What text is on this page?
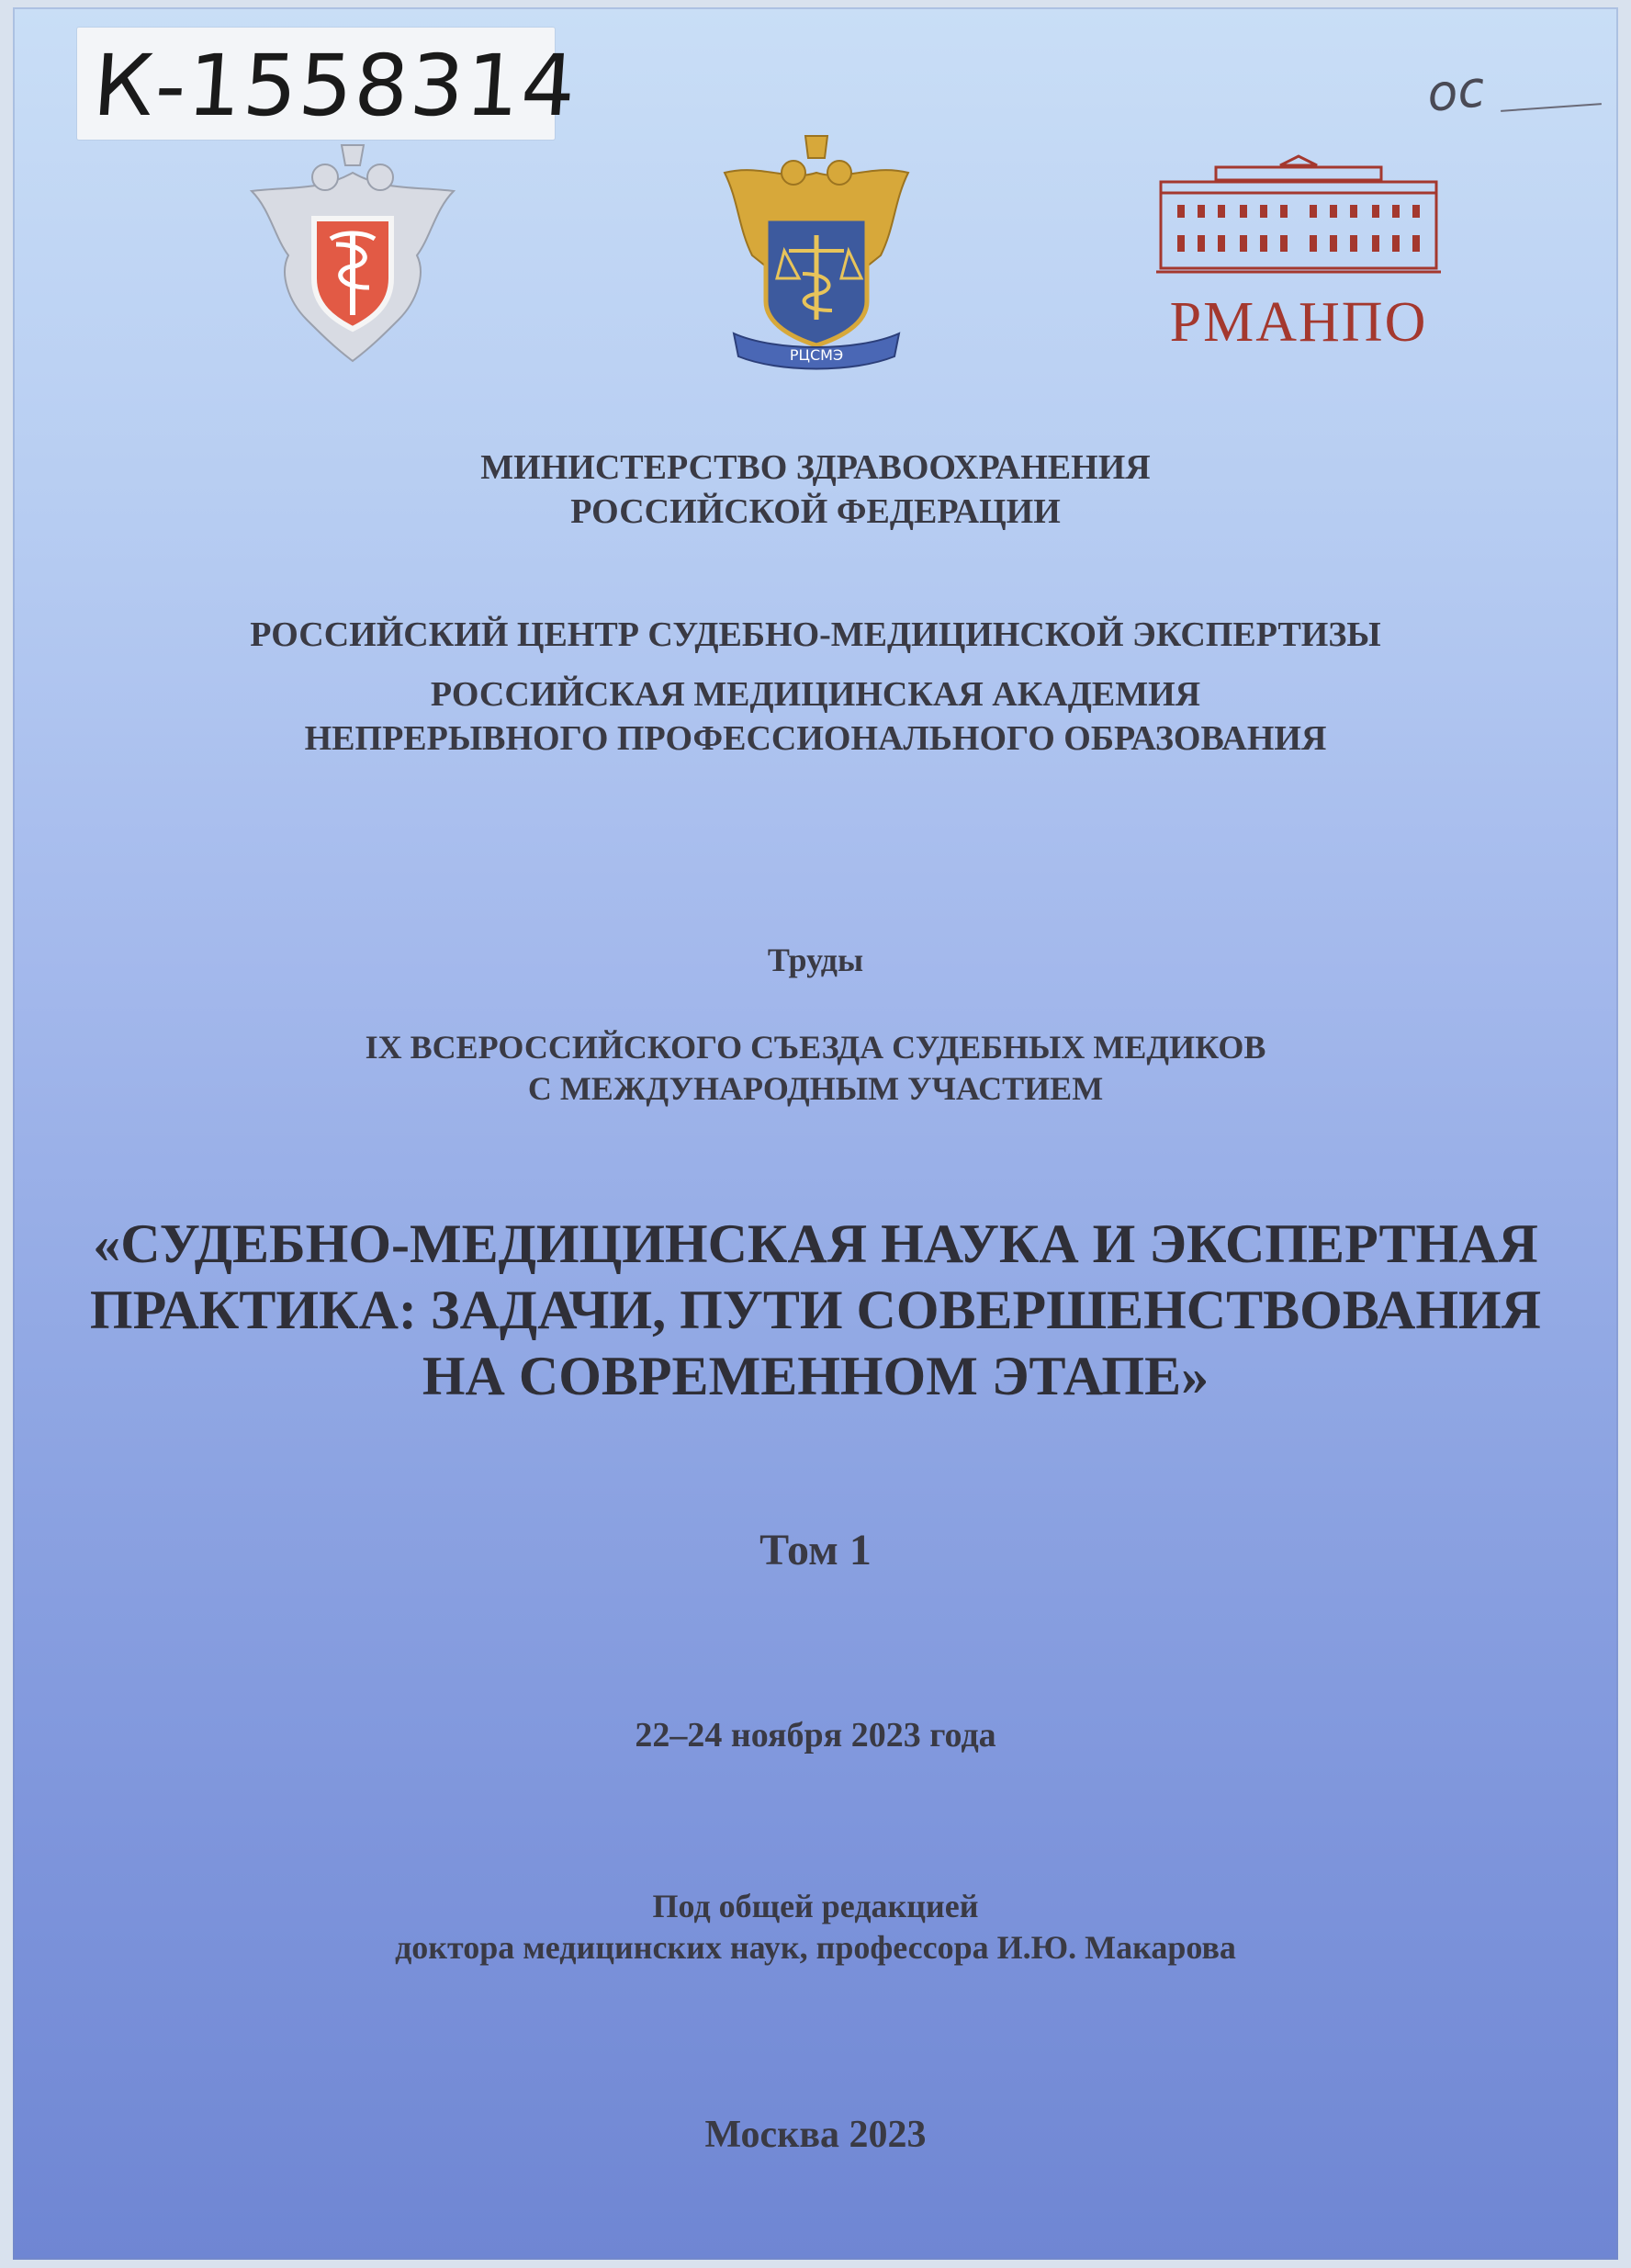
К-1558314	ос
РЦСМЭ
РМАНПО
МИНИСТЕРСТВО ЗДРАВООХРАНЕНИЯ
РОССИЙСКОЙ ФЕДЕРАЦИИ
РОССИЙСКИЙ ЦЕНТР СУДЕБНО-МЕДИЦИНСКОЙ ЭКСПЕРТИЗЫ
РОССИЙСКАЯ МЕДИЦИНСКАЯ АКАДЕМИЯ
НЕПРЕРЫВНОГО ПРОФЕССИОНАЛЬНОГО ОБРАЗОВАНИЯ
Труды
IX ВСЕРОССИЙСКОГО СЪЕЗДА СУДЕБНЫХ МЕДИКОВ
С МЕЖДУНАРОДНЫМ УЧАСТИЕМ
«СУДЕБНО-МЕДИЦИНСКАЯ НАУКА И ЭКСПЕРТНАЯ
ПРАКТИКА: ЗАДАЧИ, ПУТИ СОВЕРШЕНСТВОВАНИЯ
НА СОВРЕМЕННОМ ЭТАПЕ»
Том 1
22–24 ноября 2023 года
Под общей редакцией
доктора медицинских наук, профессора И.Ю. Макарова
Москва 2023
